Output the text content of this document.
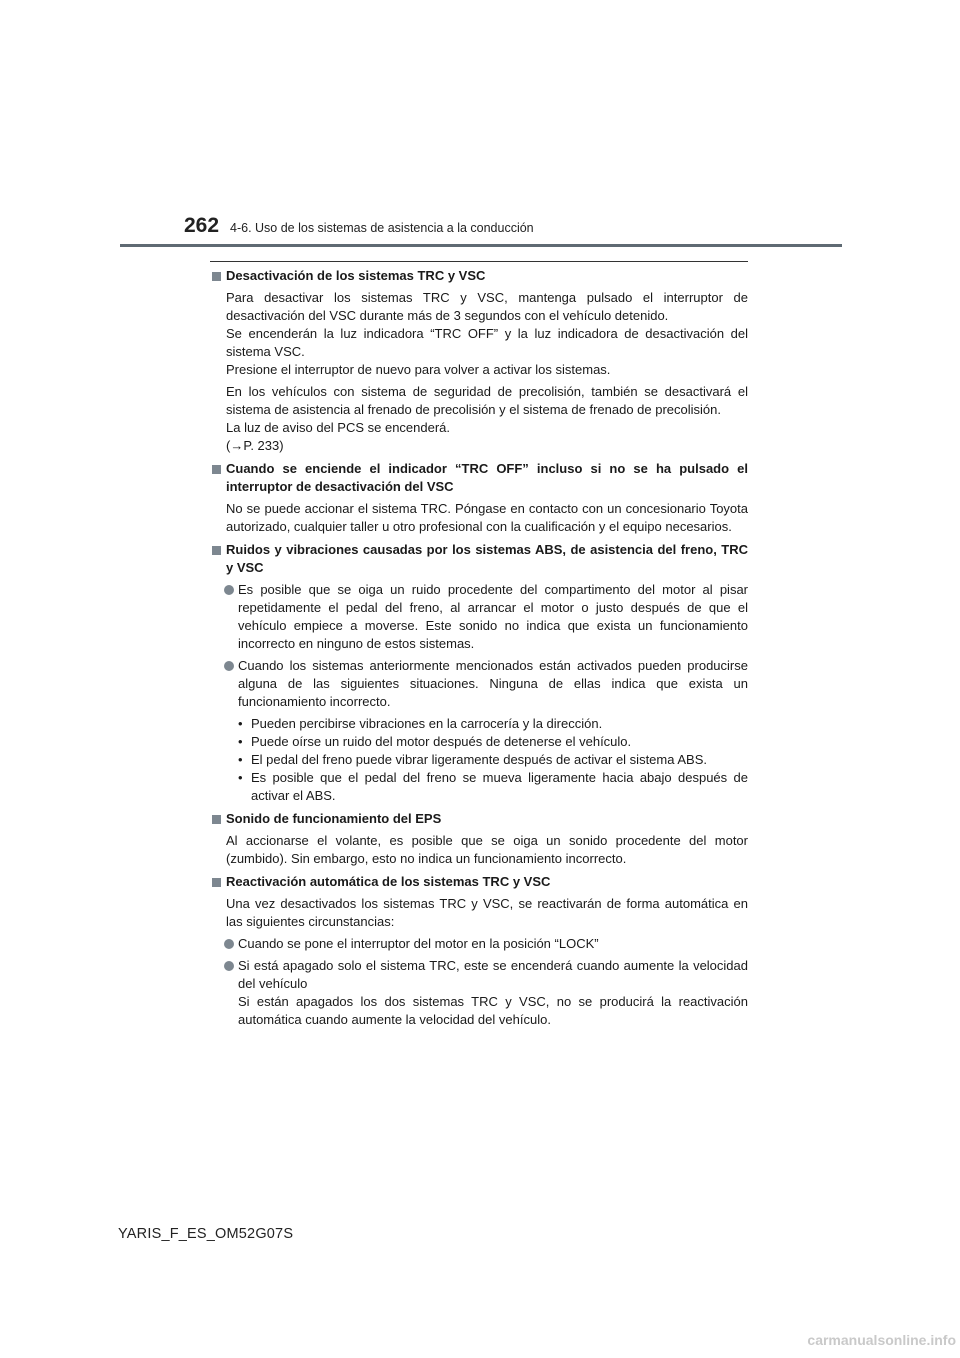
262 4-6. Uso de los sistemas de asistencia a la conducción
Desactivación de los sistemas TRC y VSC
Para desactivar los sistemas TRC y VSC, mantenga pulsado el interruptor de desactivación del VSC durante más de 3 segundos con el vehículo detenido.
Se encenderán la luz indicadora “TRC OFF” y la luz indicadora de desactivación del sistema VSC.
Presione el interruptor de nuevo para volver a activar los sistemas.
En los vehículos con sistema de seguridad de precolisión, también se desactivará el sistema de asistencia al frenado de precolisión y el sistema de frenado de precolisión.
La luz de aviso del PCS se encenderá.
(→P. 233)
Cuando se enciende el indicador “TRC OFF” incluso si no se ha pulsado el interruptor de desactivación del VSC
No se puede accionar el sistema TRC. Póngase en contacto con un concesionario Toyota autorizado, cualquier taller u otro profesional con la cualificación y el equipo necesarios.
Ruidos y vibraciones causadas por los sistemas ABS, de asistencia del freno, TRC y VSC
Es posible que se oiga un ruido procedente del compartimento del motor al pisar repetidamente el pedal del freno, al arrancar el motor o justo después de que el vehículo empiece a moverse. Este sonido no indica que exista un funcionamiento incorrecto en ninguno de estos sistemas.
Cuando los sistemas anteriormente mencionados están activados pueden producirse alguna de las siguientes situaciones. Ninguna de ellas indica que exista un funcionamiento incorrecto.
• Pueden percibirse vibraciones en la carrocería y la dirección.
• Puede oírse un ruido del motor después de detenerse el vehículo.
• El pedal del freno puede vibrar ligeramente después de activar el sistema ABS.
• Es posible que el pedal del freno se mueva ligeramente hacia abajo después de activar el ABS.
Sonido de funcionamiento del EPS
Al accionarse el volante, es posible que se oiga un sonido procedente del motor (zumbido). Sin embargo, esto no indica un funcionamiento incorrecto.
Reactivación automática de los sistemas TRC y VSC
Una vez desactivados los sistemas TRC y VSC, se reactivarán de forma automática en las siguientes circunstancias:
Cuando se pone el interruptor del motor en la posición “LOCK”
Si está apagado solo el sistema TRC, este se encenderá cuando aumente la velocidad del vehículo
Si están apagados los dos sistemas TRC y VSC, no se producirá la reactivación automática cuando aumente la velocidad del vehículo.
YARIS_F_ES_OM52G07S
carmanualsonline.info
